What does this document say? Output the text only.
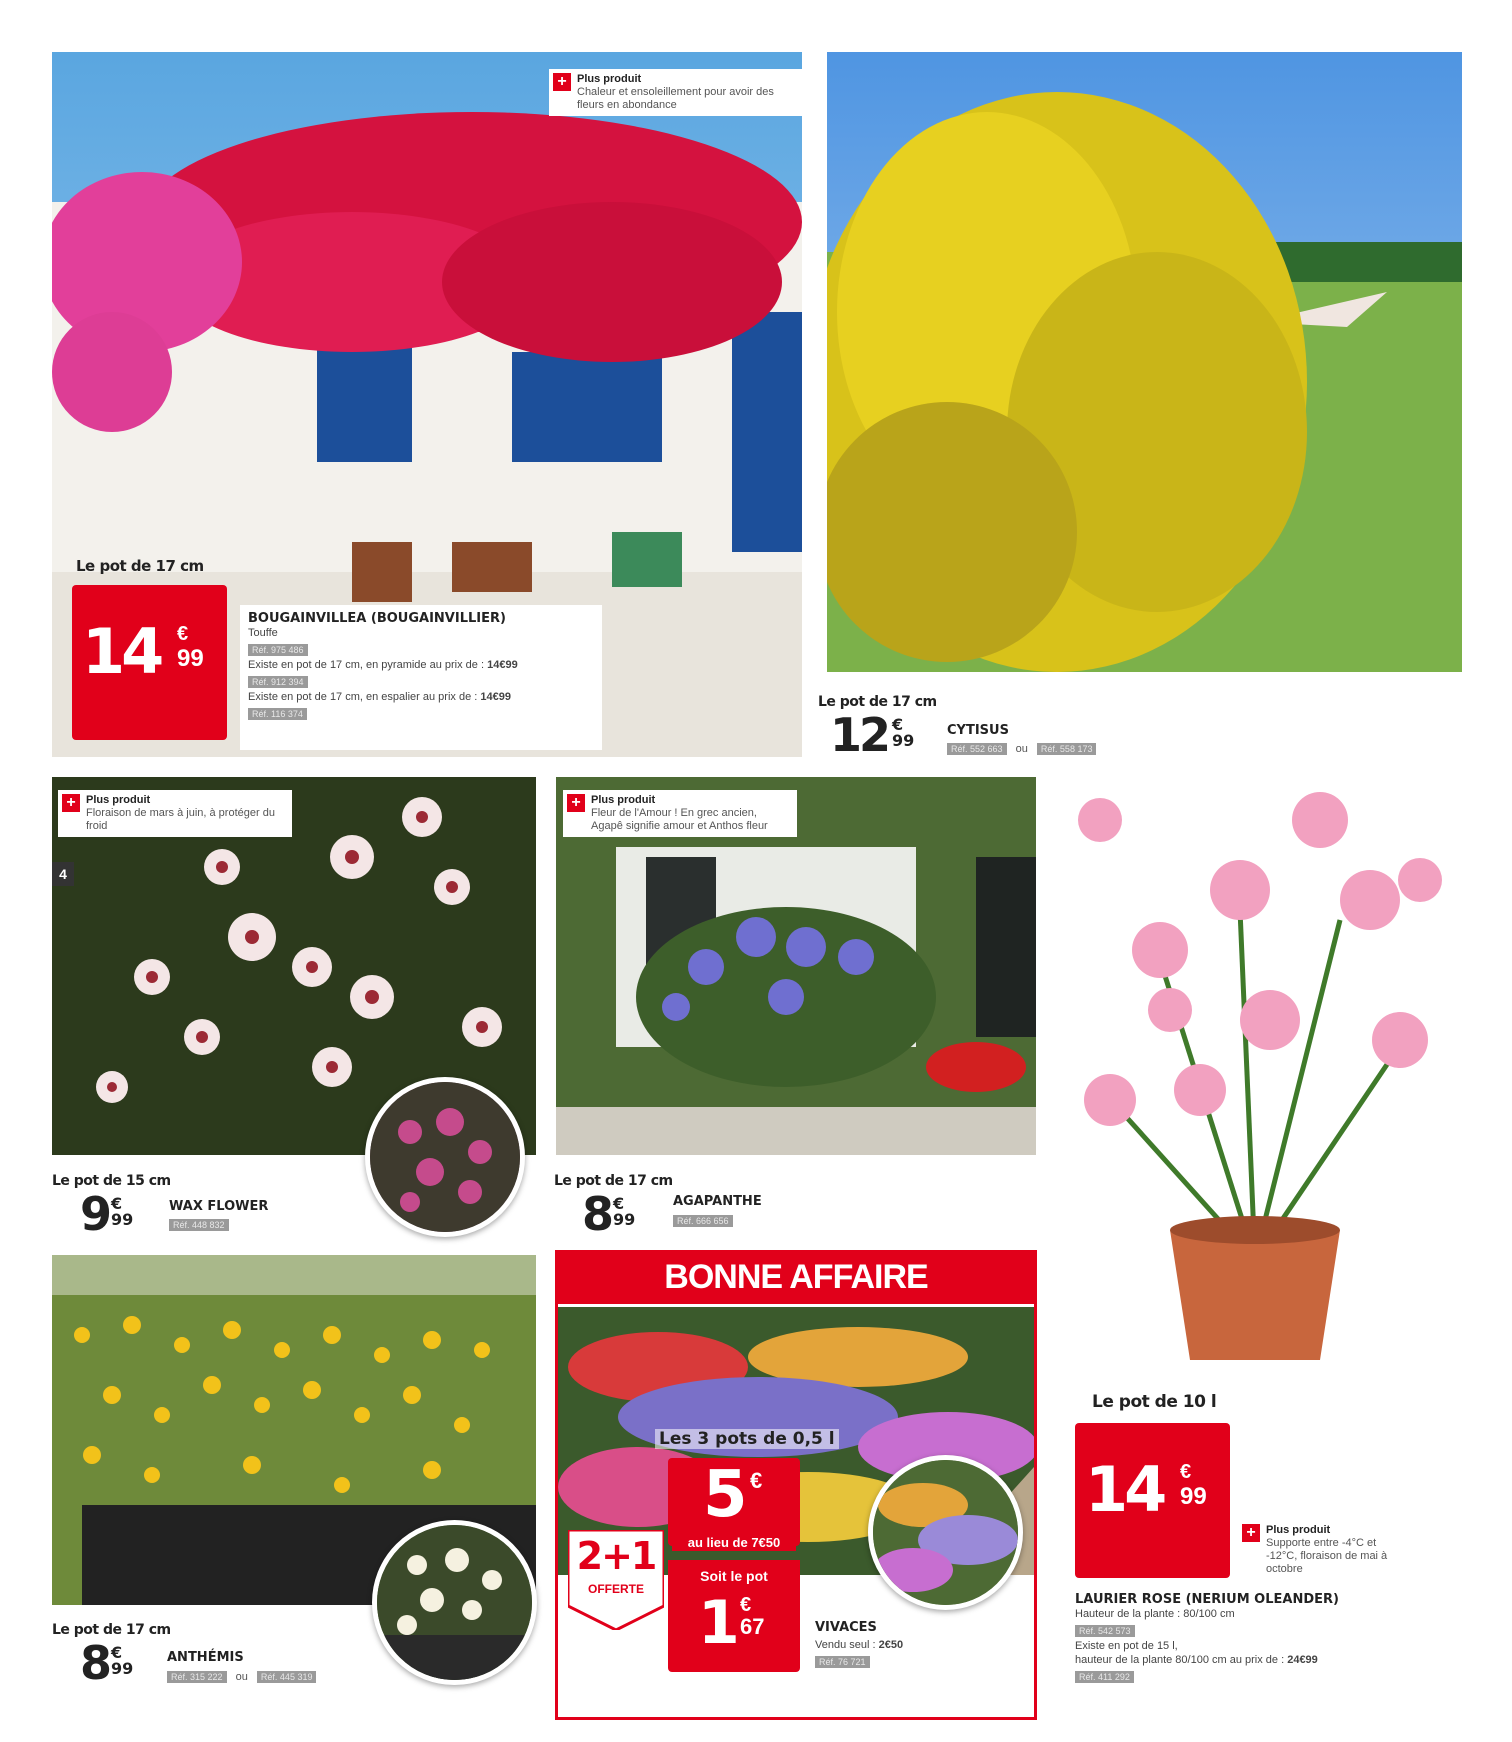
+ Plus produit
Chaleur et ensoleillement pour avoir des fleurs en abondance
Le pot de 17 cm
14 €
99
BOUGAINVILLEA (BOUGAINVILLIER)
Touffe
Réf. 975 486
Existe en pot de 17 cm, en pyramide au prix de : 14€99
Réf. 912 394
Existe en pot de 17 cm, en espalier au prix de : 14€99
Réf. 116 374
Le pot de 17 cm
12 €
99
CYTISUS
Réf. 552 663 ou Réf. 558 173
4
+ Plus produit
Floraison de mars à juin, à protéger du froid
Le pot de 15 cm
9 €
99
WAX FLOWER
Réf. 448 832
+ Plus produit
Fleur de l'Amour ! En grec ancien, Agapê signifie amour et Anthos fleur
Le pot de 17 cm
8 €
99
AGAPANTHE
Réf. 666 656
Le pot de 10 l
14 €
99
+ Plus produit
Supporte entre -4°C et -12°C, floraison de mai à octobre
LAURIER ROSE (NERIUM OLEANDER)
Hauteur de la plante : 80/100 cm
Réf. 542 573
Existe en pot de 15 l,
hauteur de la plante 80/100 cm au prix de : 24€99
Réf. 411 292
Le pot de 17 cm
8 €
99
ANTHÉMIS
Réf. 315 222 ou Réf. 445 319
BONNE AFFAIRE
Les 3 pots de 0,5 l
5 €
au lieu de 7€50
Soit le pot
1 €
67
2+1
OFFERTE
VIVACES
Vendu seul : 2€50
Réf. 76 721
